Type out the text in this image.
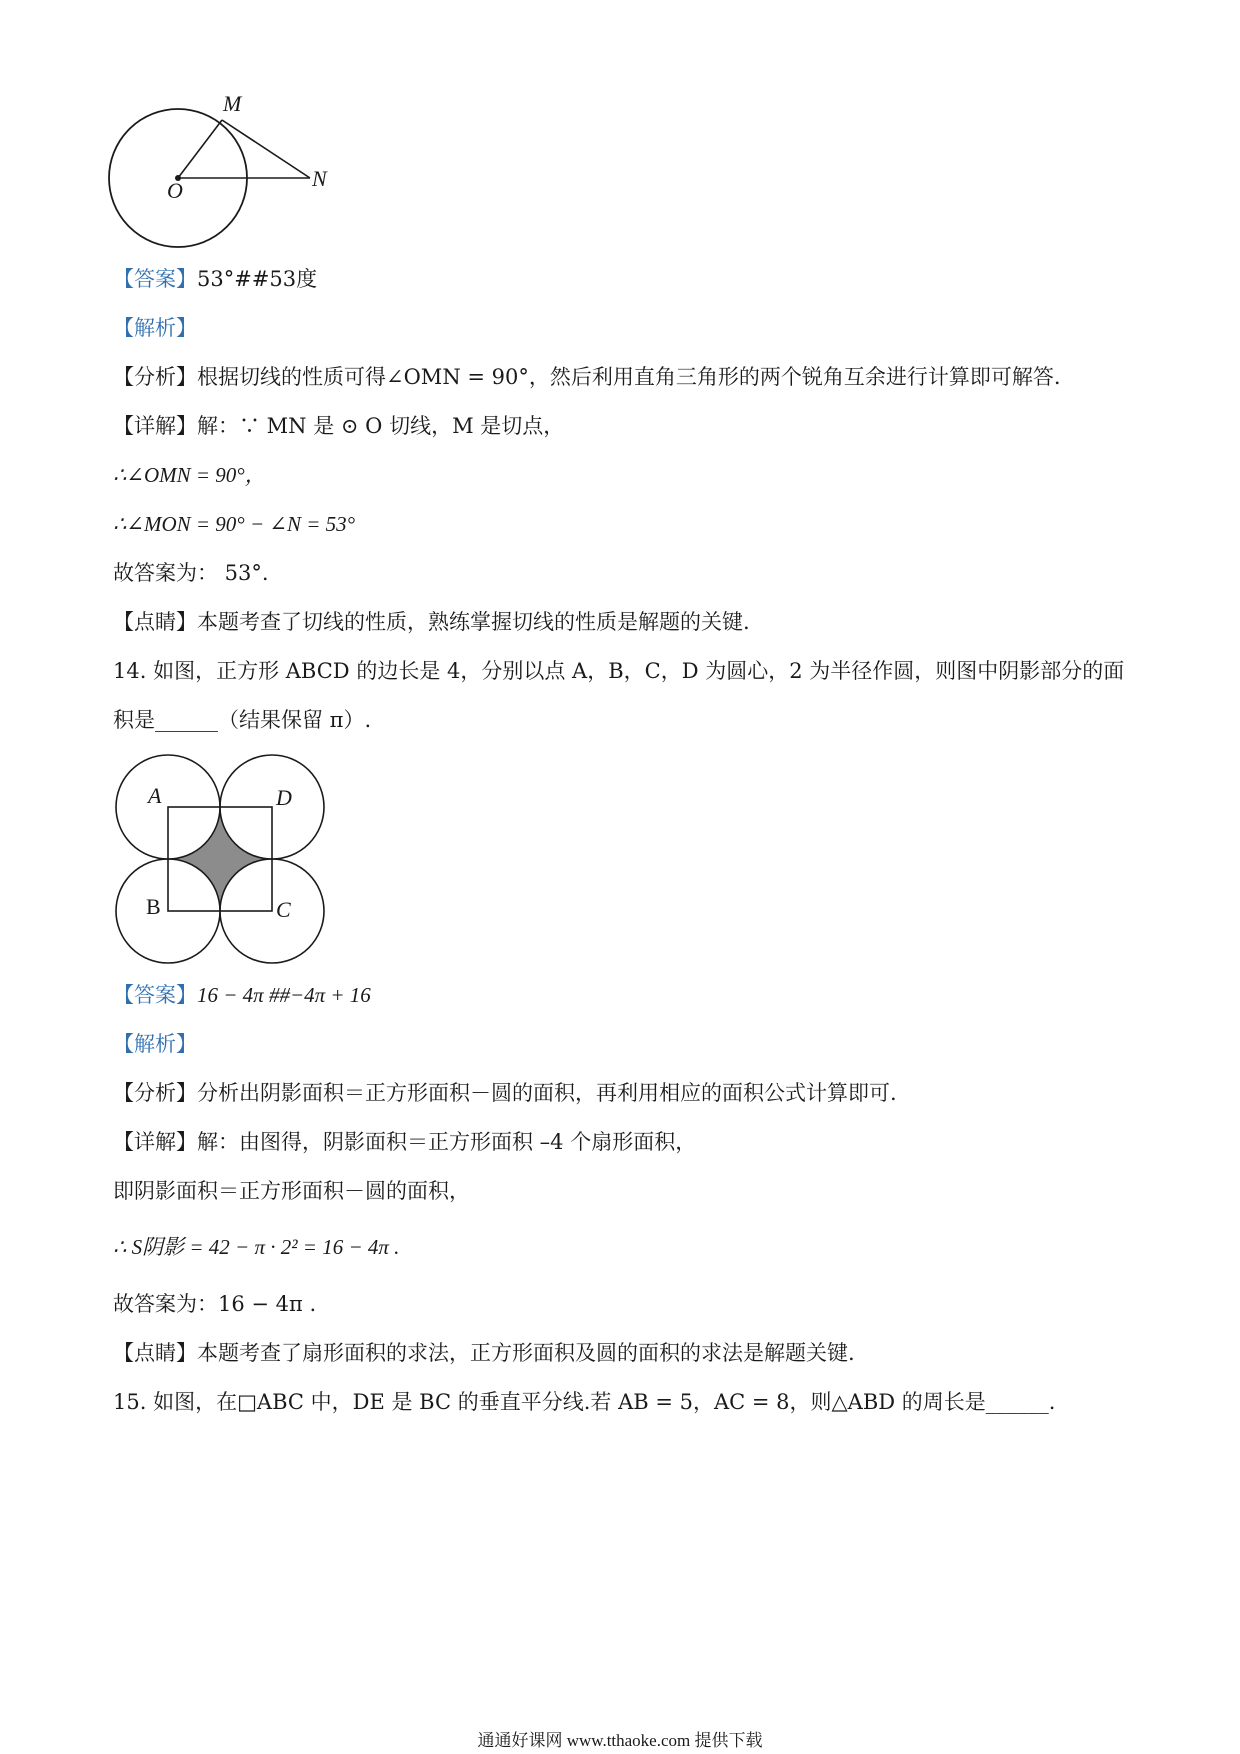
M
O	N
【答案】53°##53度
【解析】
【分析】根据切线的性质可得∠OMN = 90°，然后利用直角三角形的两个锐角互余进行计算即可解答.
【详解】解：∵ MN 是 ⊙ O 切线，M 是切点，
∴∠OMN = 90°，
∴∠MON = 90° − ∠N = 53°
故答案为： 53°.
【点睛】本题考查了切线的性质，熟练掌握切线的性质是解题的关键.
14. 如图，正方形 ABCD 的边长是 4，分别以点 A，B，C，D 为圆心，2 为半径作圆，则图中阴影部分的面
积是______（结果保留 π）.
A	D
B	C
【答案】16 − 4π ##−4π + 16
【解析】
【分析】分析出阴影面积＝正方形面积－圆的面积，再利用相应的面积公式计算即可.
【详解】解：由图得，阴影面积＝正方形面积 –4 个扇形面积，
即阴影面积＝正方形面积－圆的面积，
∴ S阴影 = 42 − π · 2² = 16 − 4π .
故答案为：16 − 4π .
【点睛】本题考查了扇形面积的求法，正方形面积及圆的面积的求法是解题关键.
15. 如图，在□ABC 中，DE 是 BC 的垂直平分线.若 AB = 5，AC = 8，则△ABD 的周长是______.
通通好课网 www.tthaoke.com 提供下载
